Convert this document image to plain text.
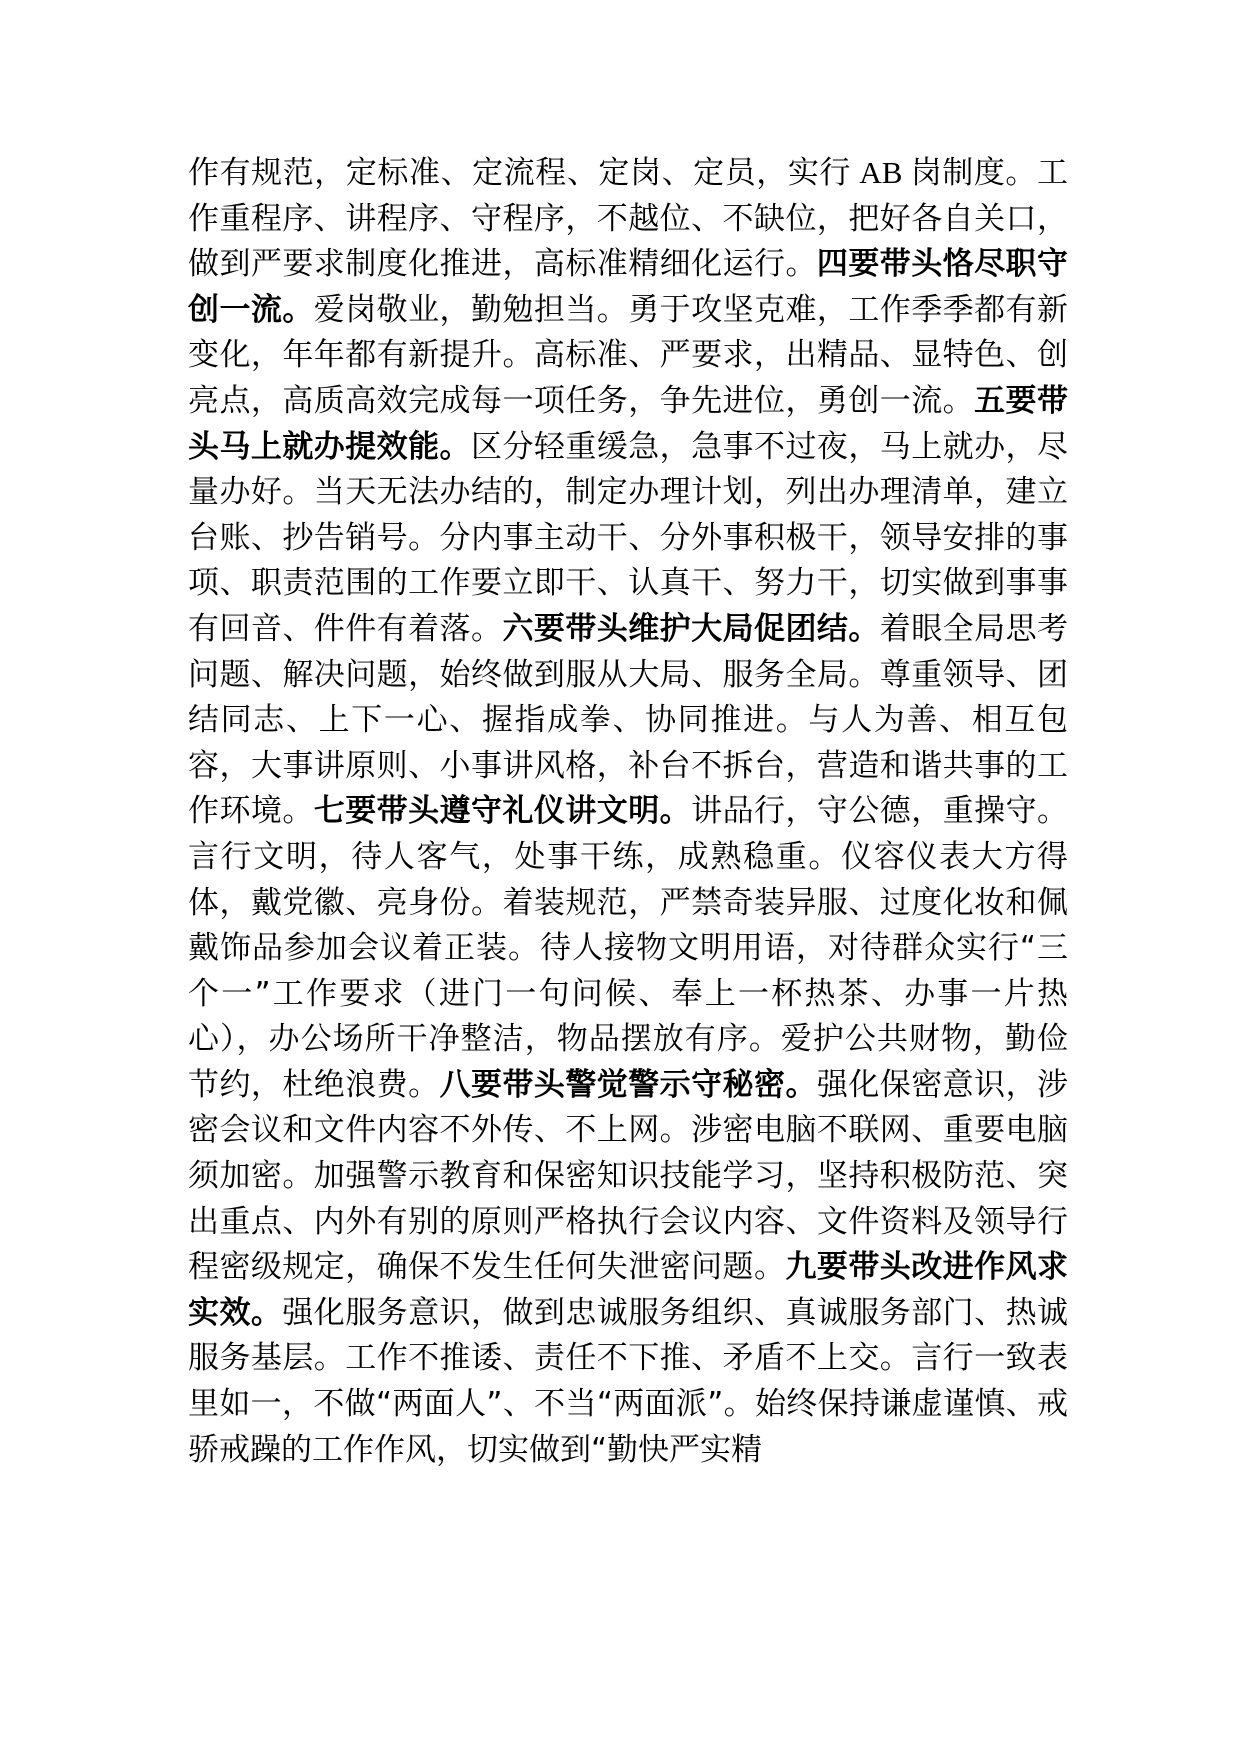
作有规范，定标准、定流程、定岗、定员，实行 AB 岗制度。工作重程序、讲程序、守程序，不越位、不缺位，把好各自关口，做到严要求制度化推进，高标准精细化运行。四要带头恪尽职守创一流。爱岗敬业，勤勉担当。勇于攻坚克难，工作季季都有新变化，年年都有新提升。高标准、严要求，出精品、显特色、创亮点，高质高效完成每一项任务，争先进位，勇创一流。五要带头马上就办提效能。区分轻重缓急，急事不过夜，马上就办，尽量办好。当天无法办结的，制定办理计划，列出办理清单，建立台账、抄告销号。分内事主动干、分外事积极干，领导安排的事项、职责范围的工作要立即干、认真干、努力干，切实做到事事有回音、件件有着落。六要带头维护大局促团结。着眼全局思考问题、解决问题，始终做到服从大局、服务全局。尊重领导、团结同志、上下一心、握指成拳、协同推进。与人为善、相互包容，大事讲原则、小事讲风格，补台不拆台，营造和谐共事的工作环境。七要带头遵守礼仪讲文明。讲品行，守公德，重操守。言行文明，待人客气，处事干练，成熟稳重。仪容仪表大方得体，戴党徽、亮身份。着装规范，严禁奇装异服、过度化妆和佩戴饰品参加会议着正装。待人接物文明用语，对待群众实行“三个一”工作要求（进门一句问候、奉上一杯热茶、办事一片热心），办公场所干净整洁，物品摆放有序。爱护公共财物，勤俭节约，杜绝浪费。八要带头警觉警示守秘密。强化保密意识，涉密会议和文件内容不外传、不上网。涉密电脑不联网、重要电脑须加密。加强警示教育和保密知识技能学习，坚持积极防范、突出重点、内外有别的原则严格执行会议内容、文件资料及领导行程密级规定，确保不发生任何失泄密问题。九要带头改进作风求实效。强化服务意识，做到忠诚服务组织、真诚服务部门、热诚服务基层。工作不推诿、责任不下推、矛盾不上交。言行一致表里如一，不做“两面人”、不当“两面派”。始终保持谦虚谨慎、戒骄戒躁的工作作风，切实做到“勤快严实精
